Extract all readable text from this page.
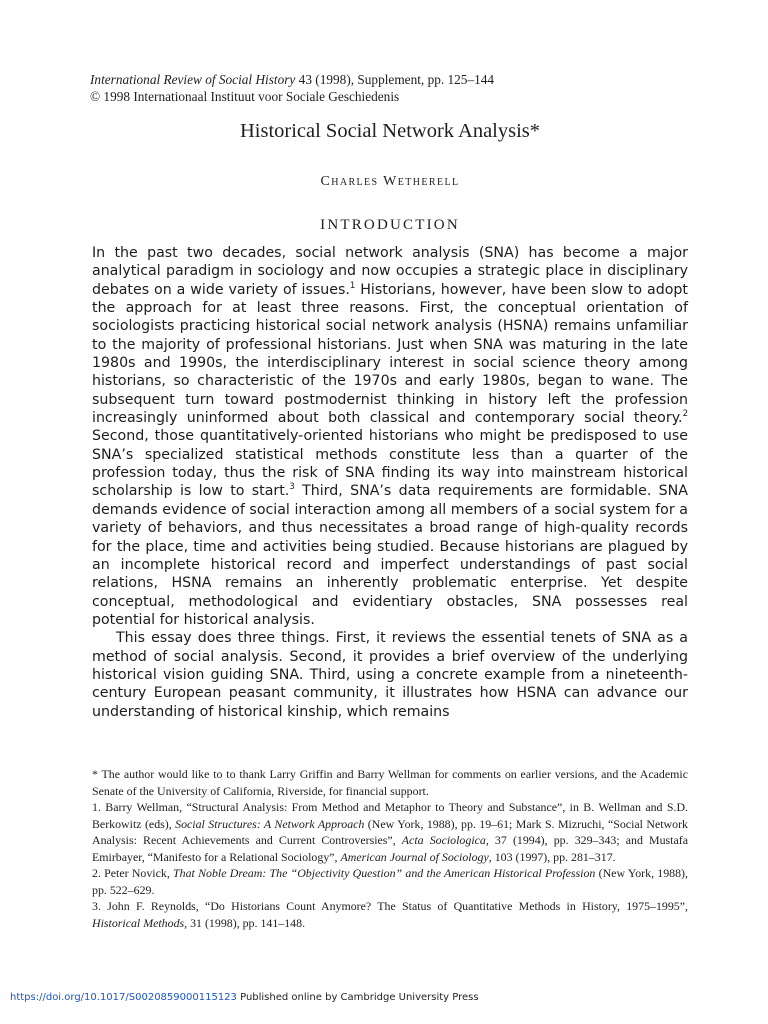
International Review of Social History 43 (1998), Supplement, pp. 125–144
© 1998 Internationaal Instituut voor Sociale Geschiedenis
Historical Social Network Analysis*
Charles Wetherell
INTRODUCTION

In the past two decades, social network analysis (SNA) has become a major analytical paradigm in sociology and now occupies a strategic place in disciplinary debates on a wide variety of issues.$^1$ Historians, however, have been slow to adopt the approach for at least three reasons. First, the conceptual orientation of sociologists practicing historical social network analysis (HSNA) remains unfamiliar to the majority of professional historians. Just when SNA was maturing in the late 1980s and 1990s, the interdisciplinary interest in social science theory among historians, so characteristic of the 1970s and early 1980s, began to wane. The subsequent turn toward postmodernist thinking in history left the profession increasingly uninformed about both classical and contemporary social theory.$^2$ Second, those quantitatively-oriented historians who might be predisposed to use SNA’s specialized statistical methods constitute less than a quarter of the profession today, thus the risk of SNA finding its way into mainstream historical scholarship is low to start.$^3$ Third, SNA’s data requirements are formidable. SNA demands evidence of social interaction among all members of a social system for a variety of behaviors, and thus necessitates a broad range of high-quality records for the place, time and activities being studied. Because historians are plagued by an incomplete historical record and imperfect understandings of past social relations, HSNA remains an inherently problematic enterprise. Yet despite conceptual, methodological and evidentiary obstacles, SNA possesses real potential for historical analysis.

This essay does three things. First, it reviews the essential tenets of SNA as a method of social analysis. Second, it provides a brief overview of the underlying historical vision guiding SNA. Third, using a concrete example from a nineteenth-century European peasant community, it illustrates how HSNA can advance our understanding of historical kinship, which remains

* The author would like to to thank Larry Griffin and Barry Wellman for comments on earlier versions, and the Academic Senate of the University of California, Riverside, for financial support.

1. Barry Wellman, “Structural Analysis: From Method and Metaphor to Theory and Substance”, in B. Wellman and S.D. Berkowitz (eds), Social Structures: A Network Approach (New York, 1988), pp. 19–61; Mark S. Mizruchi, “Social Network Analysis: Recent Achievements and Current Controversies”, Acta Sociologica, 37 (1994), pp. 329–343; and Mustafa Emirbayer, “Manifesto for a Relational Sociology”, American Journal of Sociology, 103 (1997), pp. 281–317.

2. Peter Novick, That Noble Dream: The “Objectivity Question” and the American Historical Profession (New York, 1988), pp. 522–629.

3. John F. Reynolds, “Do Historians Count Anymore? The Status of Quantitative Methods in History, 1975–1995”, Historical Methods, 31 (1998), pp. 141–148.

https://doi.org/10.1017/S0020859000115123 Published online by Cambridge University Press
